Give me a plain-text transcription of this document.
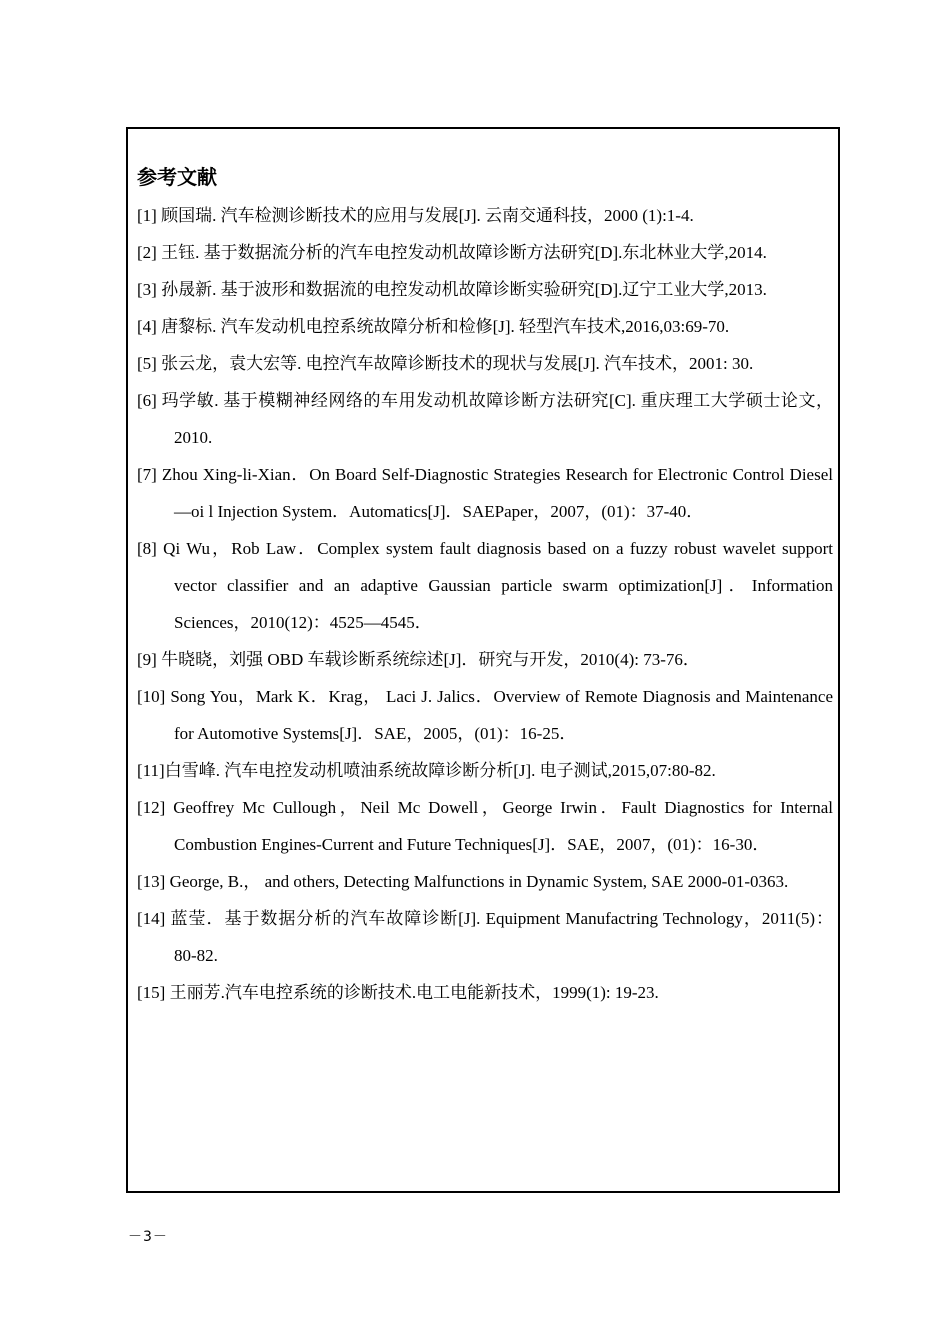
参考文献
[1] 顾国瑞. 汽车检测诊断技术的应用与发展[J]. 云南交通科技，2000 (1):1-4.
[2] 王钰. 基于数据流分析的汽车电控发动机故障诊断方法研究[D].东北林业大学,2014.
[3] 孙晟新. 基于波形和数据流的电控发动机故障诊断实验研究[D].辽宁工业大学,2013.
[4] 唐黎标. 汽车发动机电控系统故障分析和检修[J]. 轻型汽车技术,2016,03:69-70.
[5] 张云龙，袁大宏等. 电控汽车故障诊断技术的现状与发展[J]. 汽车技术，2001: 30.
[6] 玛学敏. 基于模糊神经网络的车用发动机故障诊断方法研究[C]. 重庆理工大学硕士论文，2010.
[7] Zhou Xing-li-Xian．On Board Self-Diagnostic Strategies Research for Electronic Control Diesel—oi l Injection System．Automatics[J]．SAEPaper，2007，(01)：37-40．
[8] Qi Wu，Rob Law．Complex system fault diagnosis based on a fuzzy robust wavelet support vector classifier and an adaptive Gaussian particle swarm optimization[J]．Information Sciences，2010(12)：4525—4545．
[9] 牛晓晓，刘强 OBD 车载诊断系统综述[J]．研究与开发，2010(4): 73-76．
[10] Song You，Mark K．Krag， Laci J. Jalics．Overview of Remote Diagnosis and Maintenance for Automotive Systems[J]．SAE，2005，(01)：16-25．
[11]白雪峰. 汽车电控发动机喷油系统故障诊断分析[J]. 电子测试,2015,07:80-82.
[12] Geoffrey Mc Cullough，Neil Mc Dowell，George Irwin．Fault Diagnostics for Internal Combustion Engines-Current and Future Techniques[J]．SAE，2007，(01)：16-30．
[13] George, B.， and others, Detecting Malfunctions in Dynamic System, SAE 2000-01-0363.
[14] 蓝莹．基于数据分析的汽车故障诊断[J]. Equipment Manufactring Technology，2011(5)：80-82.
[15] 王丽芳.汽车电控系统的诊断技术.电工电能新技术，1999(1): 19-23.
－3－
